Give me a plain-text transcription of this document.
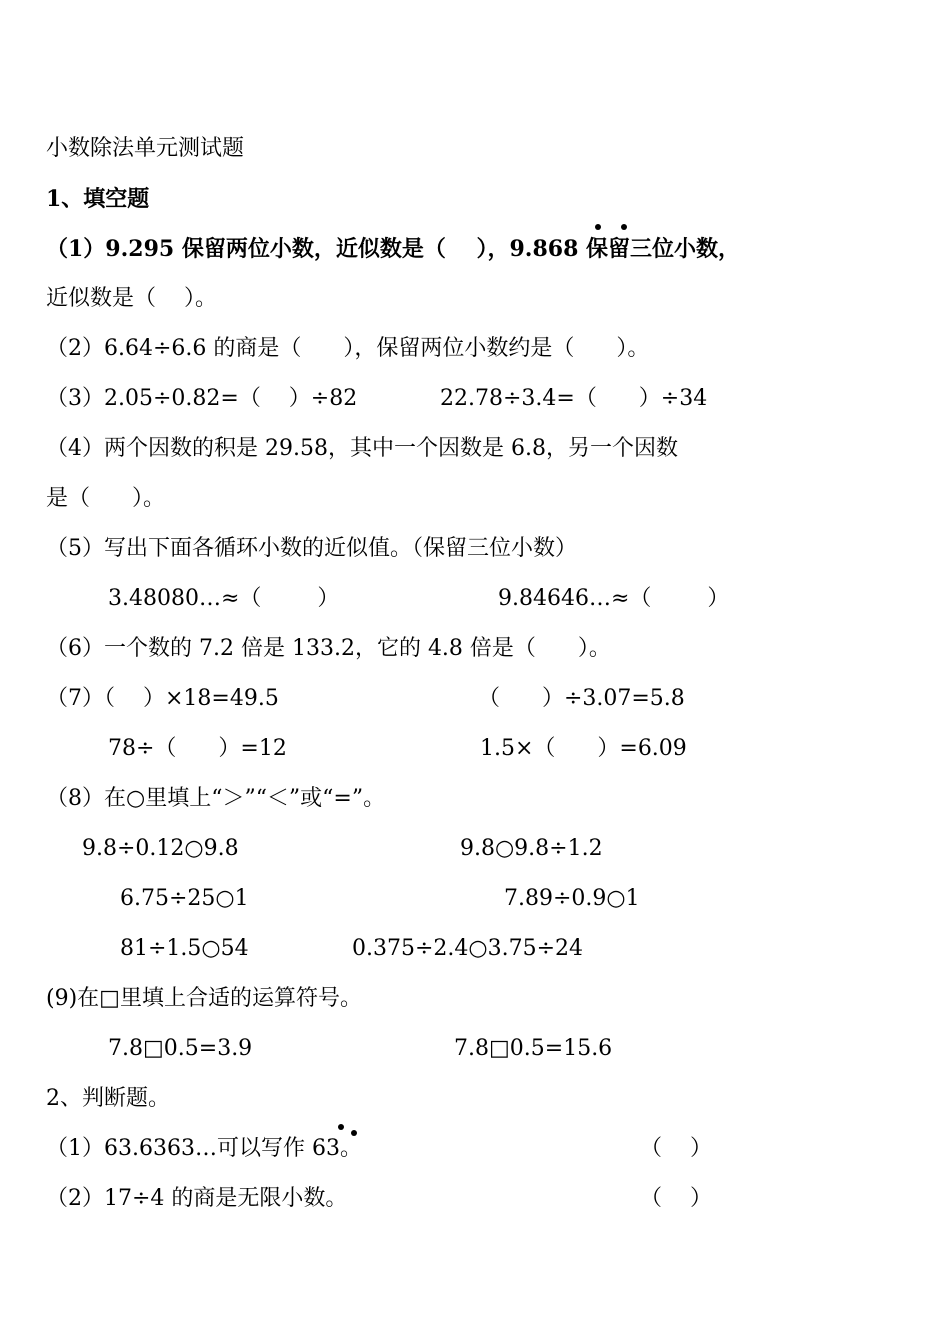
小数除法单元测试题
1、填空题
（1）9.295 保留两位小数，近似数是（    ），9.868 保留三位小数，
近似数是（    ）。
（2）6.64÷6.6 的商是（      ），保留两位小数约是（      ）。
（3）2.05÷0.82=（    ）÷82	22.78÷3.4=（      ）÷34
（4）两个因数的积是 29.58，其中一个因数是 6.8，另一个因数
是（      ）。
（5）写出下面各循环小数的近似值。（保留三位小数）
3.48080…≈（        ）	9.84646…≈（        ）
（6）一个数的 7.2 倍是 133.2，它的 4.8 倍是（      ）。
（7）（    ）×18=49.5	（      ）÷3.07=5.8
78÷（      ）=12	1.5×（      ）=6.09
（8）在○里填上“＞”“＜”或“=”。
9.8÷0.12○9.8	9.8○9.8÷1.2
6.75÷25○1	7.89÷0.9○1
81÷1.5○54	0.375÷2.4○3.75÷24
(9)在□里填上合适的运算符号。
7.8□0.5=3.9	7.8□0.5=15.6
2、判断题。
（1）63.6363…可以写作 63。	（    ）
（2）17÷4 的商是无限小数。	（    ）
